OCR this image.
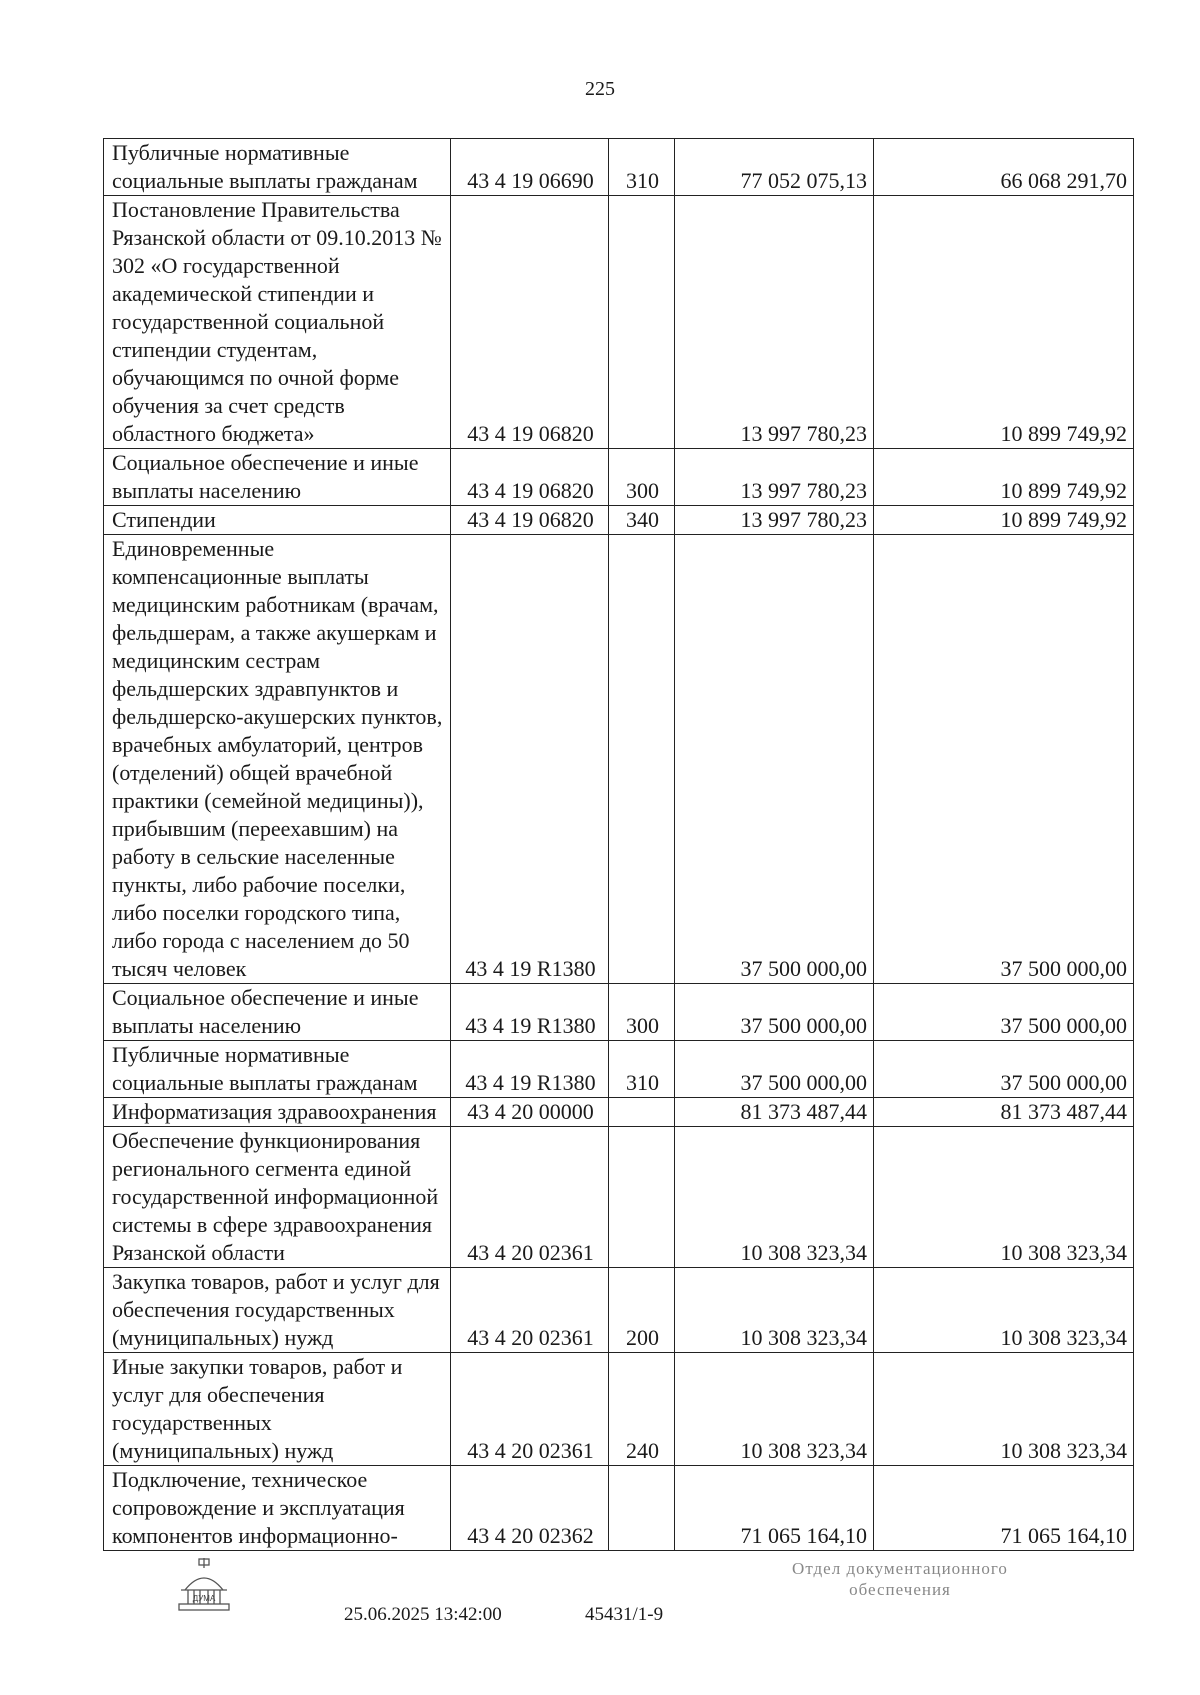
225
Публичные нормативные социальные выплаты гражданам	43 4 19 06690	310	77 052 075,13	66 068 291,70
Постановление Правительства Рязанской области от 09.10.2013 № 302 «О государственной академической стипендии и государственной социальной стипендии студентам, обучающимся по очной форме обучения за счет средств областного бюджета»	43 4 19 06820		13 997 780,23	10 899 749,92
Социальное обеспечение и иные выплаты населению	43 4 19 06820	300	13 997 780,23	10 899 749,92
Стипендии	43 4 19 06820	340	13 997 780,23	10 899 749,92
Единовременные компенсационные выплаты медицинским работникам (врачам, фельдшерам, а также акушеркам и медицинским сестрам фельдшерских здравпунктов и фельдшерско-акушерских пунктов, врачебных амбулаторий, центров (отделений) общей врачебной практики (семейной медицины)), прибывшим (переехавшим) на работу в сельские населенные пункты, либо рабочие поселки, либо поселки городского типа, либо города с населением до 50 тысяч человек	43 4 19 R1380		37 500 000,00	37 500 000,00
Социальное обеспечение и иные выплаты населению	43 4 19 R1380	300	37 500 000,00	37 500 000,00
Публичные нормативные социальные выплаты гражданам	43 4 19 R1380	310	37 500 000,00	37 500 000,00
Информатизация здравоохранения	43 4 20 00000		81 373 487,44	81 373 487,44
Обеспечение функционирования регионального сегмента единой государственной информационной системы в сфере здравоохранения Рязанской области	43 4 20 02361		10 308 323,34	10 308 323,34
Закупка товаров, работ и услуг для обеспечения государственных (муниципальных) нужд	43 4 20 02361	200	10 308 323,34	10 308 323,34
Иные закупки товаров, работ и услуг для обеспечения государственных (муниципальных) нужд	43 4 20 02361	240	10 308 323,34	10 308 323,34
Подключение, техническое сопровождение и эксплуатация компонентов информационно-	43 4 20 02362		71 065 164,10	71 065 164,10
ДУМА
25.06.2025 13:42:00	45431/1-9
Отдел документационного
обеспечения
